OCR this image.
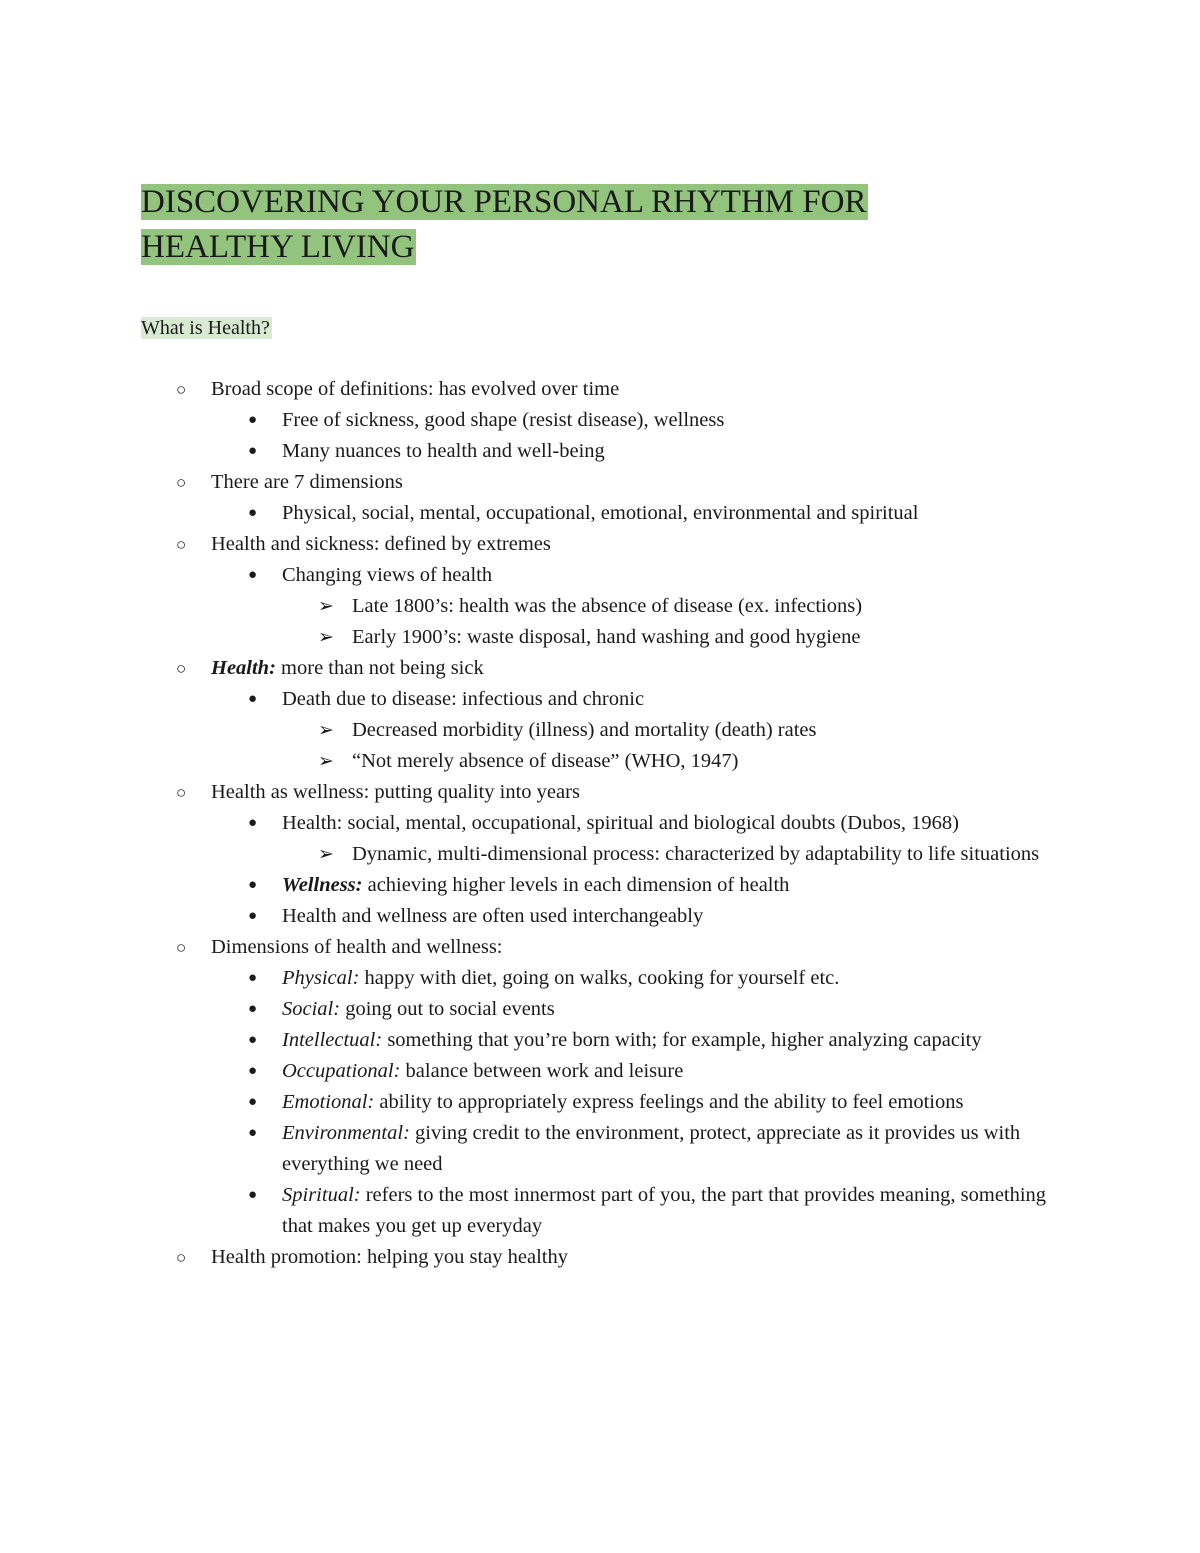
DISCOVERING YOUR PERSONAL RHYTHM FOR HEALTHY LIVING

What is Health?

○ Broad scope of definitions: has evolved over time
● Free of sickness, good shape (resist disease), wellness
● Many nuances to health and well-being
○ There are 7 dimensions
● Physical, social, mental, occupational, emotional, environmental and spiritual
○ Health and sickness: defined by extremes
● Changing views of health
➢ Late 1800’s: health was the absence of disease (ex. infections)
➢ Early 1900’s: waste disposal, hand washing and good hygiene
○ Health: more than not being sick
● Death due to disease: infectious and chronic
➢ Decreased morbidity (illness) and mortality (death) rates
➢ “Not merely absence of disease” (WHO, 1947)
○ Health as wellness: putting quality into years
● Health: social, mental, occupational, spiritual and biological doubts (Dubos, 1968)
➢ Dynamic, multi-dimensional process: characterized by adaptability to life situations
● Wellness: achieving higher levels in each dimension of health
● Health and wellness are often used interchangeably
○ Dimensions of health and wellness:
● Physical: happy with diet, going on walks, cooking for yourself etc.
● Social: going out to social events
● Intellectual: something that you’re born with; for example, higher analyzing capacity
● Occupational: balance between work and leisure
● Emotional: ability to appropriately express feelings and the ability to feel emotions
● Environmental: giving credit to the environment, protect, appreciate as it provides us with everything we need
● Spiritual: refers to the most innermost part of you, the part that provides meaning, something that makes you get up everyday
○ Health promotion: helping you stay healthy
